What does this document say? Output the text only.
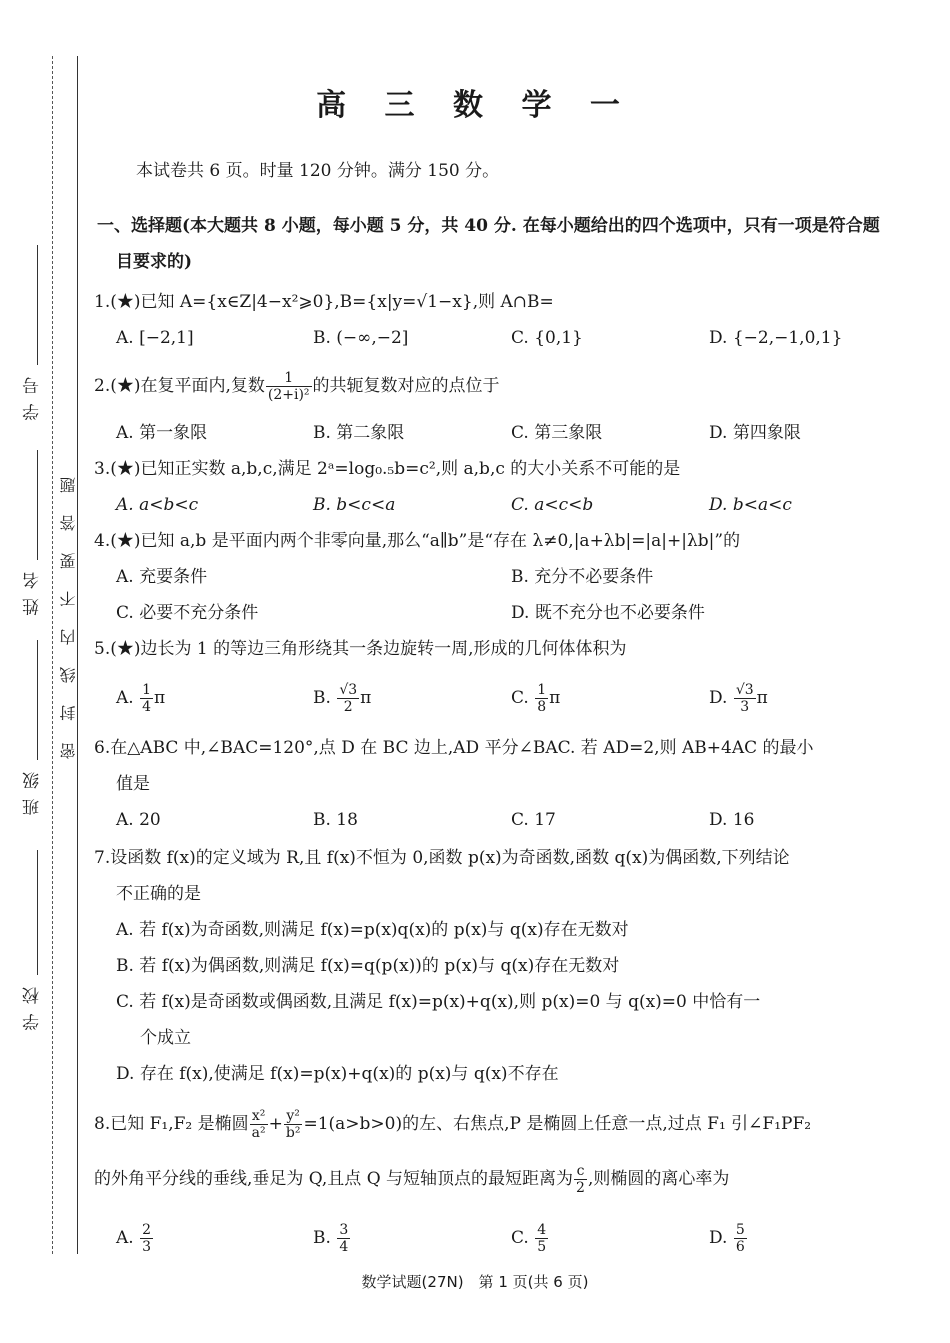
学 号
姓 名
班 级
学 校
密封线内不要答题
高 三 数 学 一
本试卷共 6 页。时量 120 分钟。满分 150 分。
一、选择题(本大题共 8 小题，每小题 5 分，共 40 分. 在每小题给出的四个选项中，只有一项是符合题
目要求的)
1.(★)已知 A={x∈Z|4−x²⩾0},B={x|y=√1−x},则 A∩B=
A. [−2,1]	B. (−∞,−2]	C. {0,1}	D. {−2,−1,0,1}
2.(★)在复平面内,复数 $\frac{1}{\text{(2+i)²}}$ 的共轭复数对应的点位于
A. 第一象限	B. 第二象限	C. 第三象限	D. 第四象限
3.(★)已知正实数 a,b,c,满足 2ᵃ=log₀.₅b=c²,则 a,b,c 的大小关系不可能的是
A. a<b<c	B. b<c<a	C. a<c<b	D. b<a<c
4.(★)已知 a,b 是平面内两个非零向量,那么“a∥b”是“存在 λ≠0,|a+λb|=|a|+|λb|”的
A. 充要条件	B. 充分不必要条件
C. 必要不充分条件	D. 既不充分也不必要条件
5.(★)边长为 1 的等边三角形绕其一条边旋转一周,形成的几何体体积为
A. $\frac{1}{4}$ π	B. $\frac{√3}{2}$ π	C. $\frac{1}{8}$ π	D. $\frac{√3}{3}$ π
6.在△ABC 中,∠BAC=120°,点 D 在 BC 边上,AD 平分∠BAC. 若 AD=2,则 AB+4AC 的最小
值是
A. 20	B. 18	C. 17	D. 16
7.设函数 f(x)的定义域为 R,且 f(x)不恒为 0,函数 p(x)为奇函数,函数 q(x)为偶函数,下列结论
不正确的是
A. 若 f(x)为奇函数,则满足 f(x)=p(x)q(x)的 p(x)与 q(x)存在无数对
B. 若 f(x)为偶函数,则满足 f(x)=q(p(x))的 p(x)与 q(x)存在无数对
C. 若 f(x)是奇函数或偶函数,且满足 f(x)=p(x)+q(x),则 p(x)=0 与 q(x)=0 中恰有一
个成立
D. 存在 f(x),使满足 f(x)=p(x)+q(x)的 p(x)与 q(x)不存在
8.已知 F₁,F₂ 是椭圆 $\frac{\text{x²}}{\text{a²}} + \frac{\text{y²}}{\text{b²}} =1(a>b>0)$的左、右焦点,P 是椭圆上任意一点,过点 F₁ 引∠F₁PF₂
的外角平分线的垂线,垂足为 Q,且点 Q 与短轴顶点的最短距离为 $\frac{c}{2}$ ,则椭圆的离心率为
A. $\frac{2}{3}$	B. $\frac{3}{4}$	C. $\frac{4}{5}$	D. $\frac{5}{6}$
数学试题(27N)　第 1 页(共 6 页)
